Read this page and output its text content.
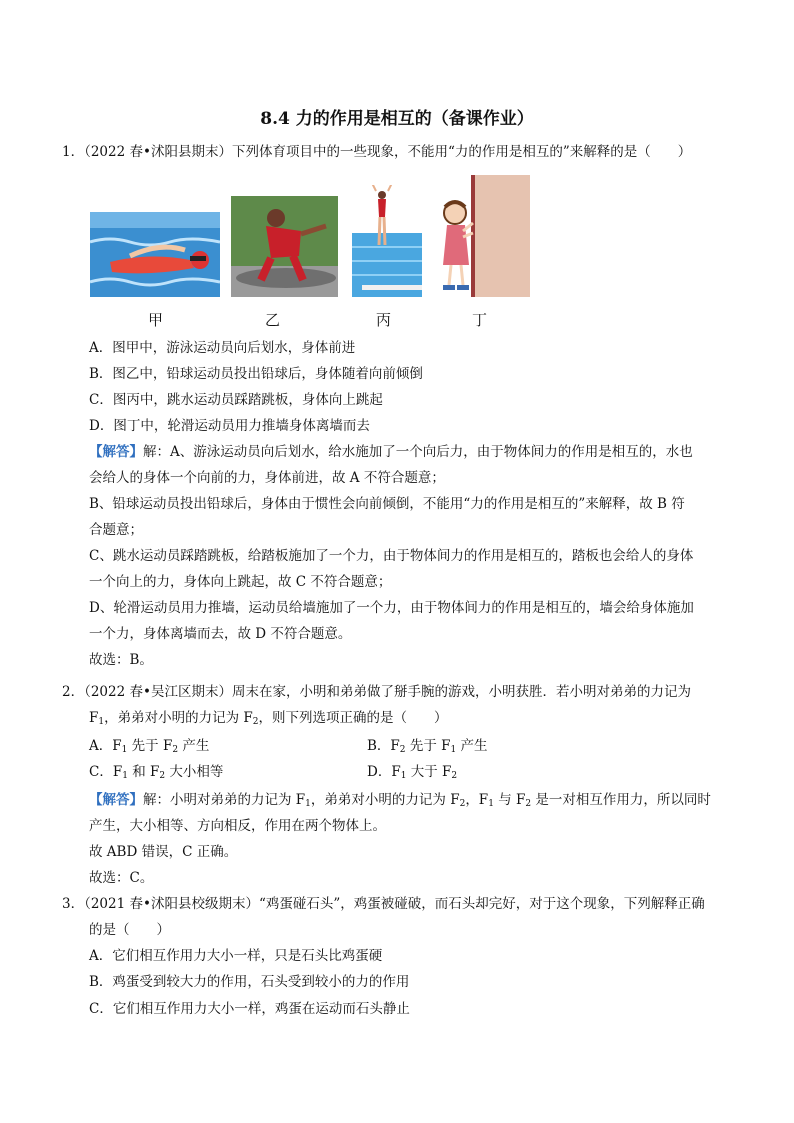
8.4 力的作用是相互的（备课作业）
1．（2022 春•沭阳县期末）下列体育项目中的一些现象，不能用“力的作用是相互的”来解释的是（　　）
甲	乙	丙	丁
A．图甲中，游泳运动员向后划水，身体前进
B．图乙中，铅球运动员投出铅球后，身体随着向前倾倒
C．图丙中，跳水运动员踩踏跳板，身体向上跳起
D．图丁中，轮滑运动员用力推墙身体离墙而去
【解答】解：A、游泳运动员向后划水，给水施加了一个向后力，由于物体间力的作用是相互的，水也
会给人的身体一个向前的力，身体前进，故 A 不符合题意；
B、铅球运动员投出铅球后，身体由于惯性会向前倾倒，不能用“力的作用是相互的”来解释，故 B 符
合题意；
C、跳水运动员踩踏跳板，给踏板施加了一个力，由于物体间力的作用是相互的，踏板也会给人的身体
一个向上的力，身体向上跳起，故 C 不符合题意；
D、轮滑运动员用力推墙，运动员给墙施加了一个力，由于物体间力的作用是相互的，墙会给身体施加
一个力，身体离墙而去，故 D 不符合题意。
故选：B。
2．（2022 春•吴江区期末）周末在家，小明和弟弟做了掰手腕的游戏，小明获胜．若小明对弟弟的力记为
$F_1$，弟弟对小明的力记为 $F_2$，则下列选项正确的是（　　）
A．$F_1$ 先于 $F_2$ 产生	B．$F_2$ 先于 $F_1$ 产生
C．$F_1$ 和 $F_2$ 大小相等	D．$F_1$ 大于 $F_2$
【解答】解：小明对弟弟的力记为 $F_1$，弟弟对小明的力记为 $F_2$，$F_1$ 与 $F_2$ 是一对相互作用力，所以同时
产生，大小相等、方向相反，作用在两个物体上。
故 ABD 错误，C 正确。
故选：C。
3．（2021 春•沭阳县校级期末）“鸡蛋碰石头”，鸡蛋被碰破，而石头却完好，对于这个现象，下列解释正确
的是（　　）
A．它们相互作用力大小一样，只是石头比鸡蛋硬
B．鸡蛋受到较大力的作用，石头受到较小的力的作用
C．它们相互作用力大小一样，鸡蛋在运动而石头静止
